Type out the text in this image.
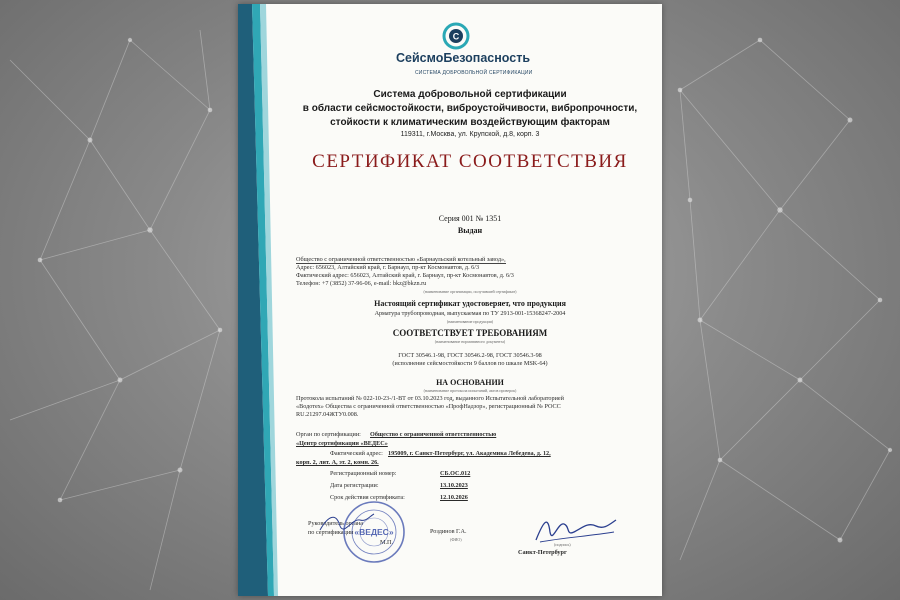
С
СейсмоБезопасность
СИСТЕМА ДОБРОВОЛЬНОЙ СЕРТИФИКАЦИИ
Система добровольной сертификации
в области сейсмостойкости, виброустойчивости, вибропрочности,
стойкости к климатическим воздействующим факторам
119311, г.Москва, ул. Крупской, д.8, корп. 3
СЕРТИФИКАТ СООТВЕТСТВИЯ
Серия 001 № 1351
Выдан
Общество с ограниченной ответственностью «Барнаульский котельный завод»,
Адрес: 656023, Алтайский край, г. Барнаул, пр-кт Космонавтов, д. 6/3
Фактический адрес: 656023, Алтайский край, г. Барнаул, пр-кт Космонавтов, д. 6/3
Телефон: +7 (3852) 37-96-06, e-mail: bkz@bkzn.ru
(наименование организации, получившей сертификат)
Настоящий сертификат удостоверяет, что продукция
Арматура трубопроводная, выпускаемая по ТУ 2913-001-15368247-2004
(наименование продукции)
СООТВЕТСТВУЕТ ТРЕБОВАНИЯМ
(наименование нормативного документа)
ГОСТ 30546.1-98, ГОСТ 30546.2-98, ГОСТ 30546.3-98
(исполнение сейсмостойкости 9 баллов по шкале MSK-64)
НА ОСНОВАНИИ
(наименование протокола испытаний, актов проверок)
Протокола испытаний № 022-10-23-/1-ВТ от 03.10.2023 год, выданного Испытательной лабораторией
«Водотех» Общества с ограниченной ответственностью «ПрофНадзор», регистрационный № РОСС
RU.21297.04ЖТУ0.008.
Орган по сертификации: Общество с ограниченной ответственностью
«Центр сертификации «ВЕДЕС»
Фактический адрес: 195009, г. Санкт-Петербург, ул. Академика Лебедева, д. 12,
корп. 2, лит. А, эт. 2, комн. 26.
Регистрационный номер:	СБ.ОС.012
Дата регистрации:	13.10.2023
Срок действия сертификата:	12.10.2026
Руководитель органа
по сертификации
М.П.
Роздинов Г.А.
(ФИО)
(подпись)
Санкт-Петербург
«ВЕДЕС»
